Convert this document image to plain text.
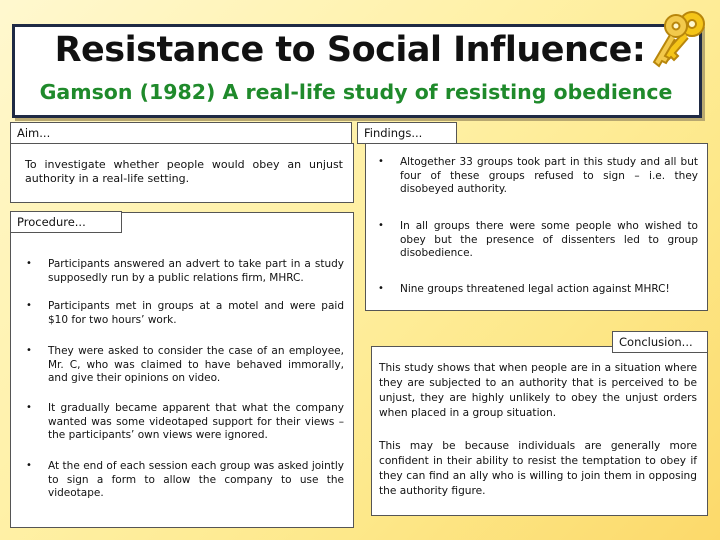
Resistance to Social Influence:
Gamson (1982) A real-life study of resisting obedience
Aim...
To investigate whether people would obey an unjust authority in a real-life setting.
Procedure...
•	Participants answered an advert to take part in a study supposedly run by a public relations firm, MHRC.
•	Participants met in groups at a motel and were paid $10 for two hours’ work.
•	They were asked to consider the case of an employee, Mr. C, who was claimed to have behaved immorally, and give their opinions on video.
•	It gradually became apparent that what the company wanted was some videotaped support for their views – the participants’ own views were ignored.
•	At the end of each session each group was asked jointly to sign a form to allow the company to use the videotape.
Findings...
•	Altogether 33 groups took part in this study and all but four of these groups refused to sign – i.e. they disobeyed authority.
•	In all groups there were some people who wished to obey but the presence of dissenters led to group disobedience.
•	Nine groups threatened legal action against MHRC!
This study shows that when people are in a situation where they are subjected to an authority that is perceived to be unjust, they are highly unlikely to obey the unjust orders when placed in a group situation.
This may be because individuals are generally more confident in their ability to resist the temptation to obey if they can find an ally who is willing to join them in opposing the authority figure.
Conclusion...
